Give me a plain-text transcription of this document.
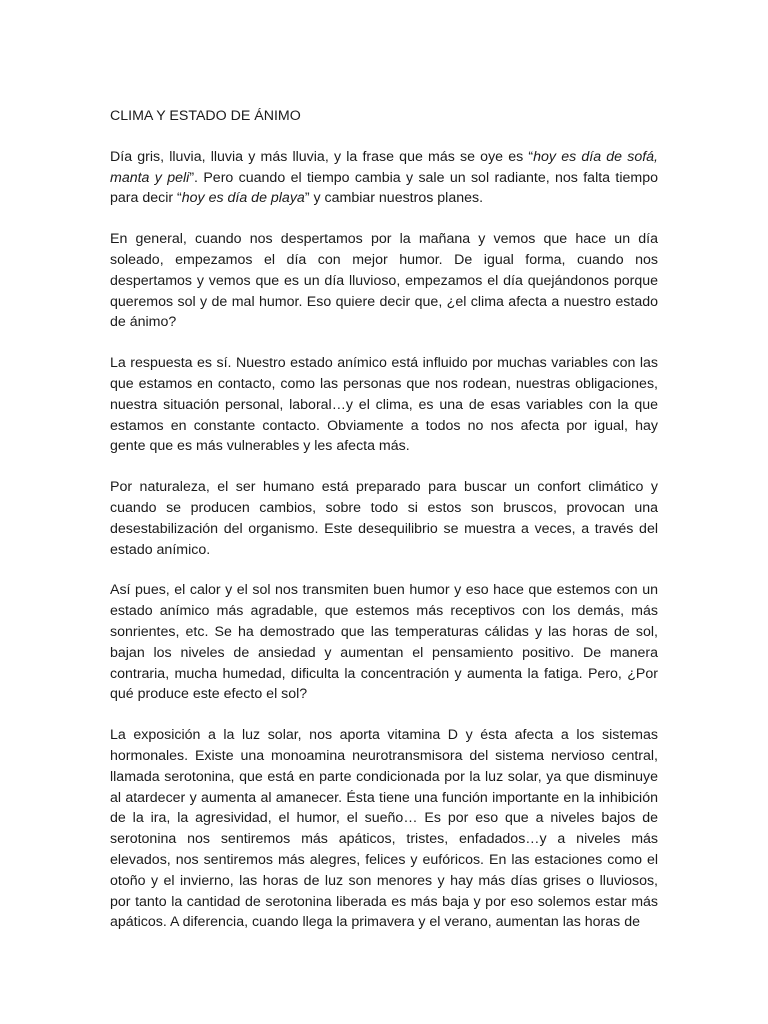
CLIMA Y ESTADO DE ÁNIMO

Día gris, lluvia, lluvia y más lluvia, y la frase que más se oye es “hoy es día de sofá, manta y peli”. Pero cuando el tiempo cambia y sale un sol radiante, nos falta tiempo para decir “hoy es día de playa” y cambiar nuestros planes.

En general, cuando nos despertamos por la mañana y vemos que hace un día soleado, empezamos el día con mejor humor. De igual forma, cuando nos despertamos y vemos que es un día lluvioso, empezamos el día quejándonos porque queremos sol y de mal humor. Eso quiere decir que, ¿el clima afecta a nuestro estado de ánimo?

La respuesta es sí. Nuestro estado anímico está influido por muchas variables con las que estamos en contacto, como las personas que nos rodean, nuestras obligaciones, nuestra situación personal, laboral…y el clima, es una de esas variables con la que estamos en constante contacto. Obviamente a todos no nos afecta por igual, hay gente que es más vulnerables y les afecta más.

Por naturaleza, el ser humano está preparado para buscar un confort climático y cuando se producen cambios, sobre todo si estos son bruscos, provocan una desestabilización del organismo. Este desequilibrio se muestra a veces, a través del estado anímico.

Así pues, el calor y el sol nos transmiten buen humor y eso hace que estemos con un estado anímico más agradable, que estemos más receptivos con los demás, más sonrientes, etc. Se ha demostrado que las temperaturas cálidas y las horas de sol, bajan los niveles de ansiedad y aumentan el pensamiento positivo. De manera contraria, mucha humedad, dificulta la concentración y aumenta la fatiga. Pero, ¿Por qué produce este efecto el sol?

La exposición a la luz solar, nos aporta vitamina D y ésta afecta a los sistemas hormonales. Existe una monoamina neurotransmisora del sistema nervioso central, llamada serotonina, que está en parte condicionada por la luz solar, ya que disminuye al atardecer y aumenta al amanecer. Ésta tiene una función importante en la inhibición de la ira, la agresividad, el humor, el sueño… Es por eso que a niveles bajos de serotonina nos sentiremos más apáticos, tristes, enfadados…y a niveles más elevados, nos sentiremos más alegres, felices y eufóricos. En las estaciones como el otoño y el invierno, las horas de luz son menores y hay más días grises o lluviosos, por tanto la cantidad de serotonina liberada es más baja y por eso solemos estar más apáticos. A diferencia, cuando llega la primavera y el verano, aumentan las horas de
